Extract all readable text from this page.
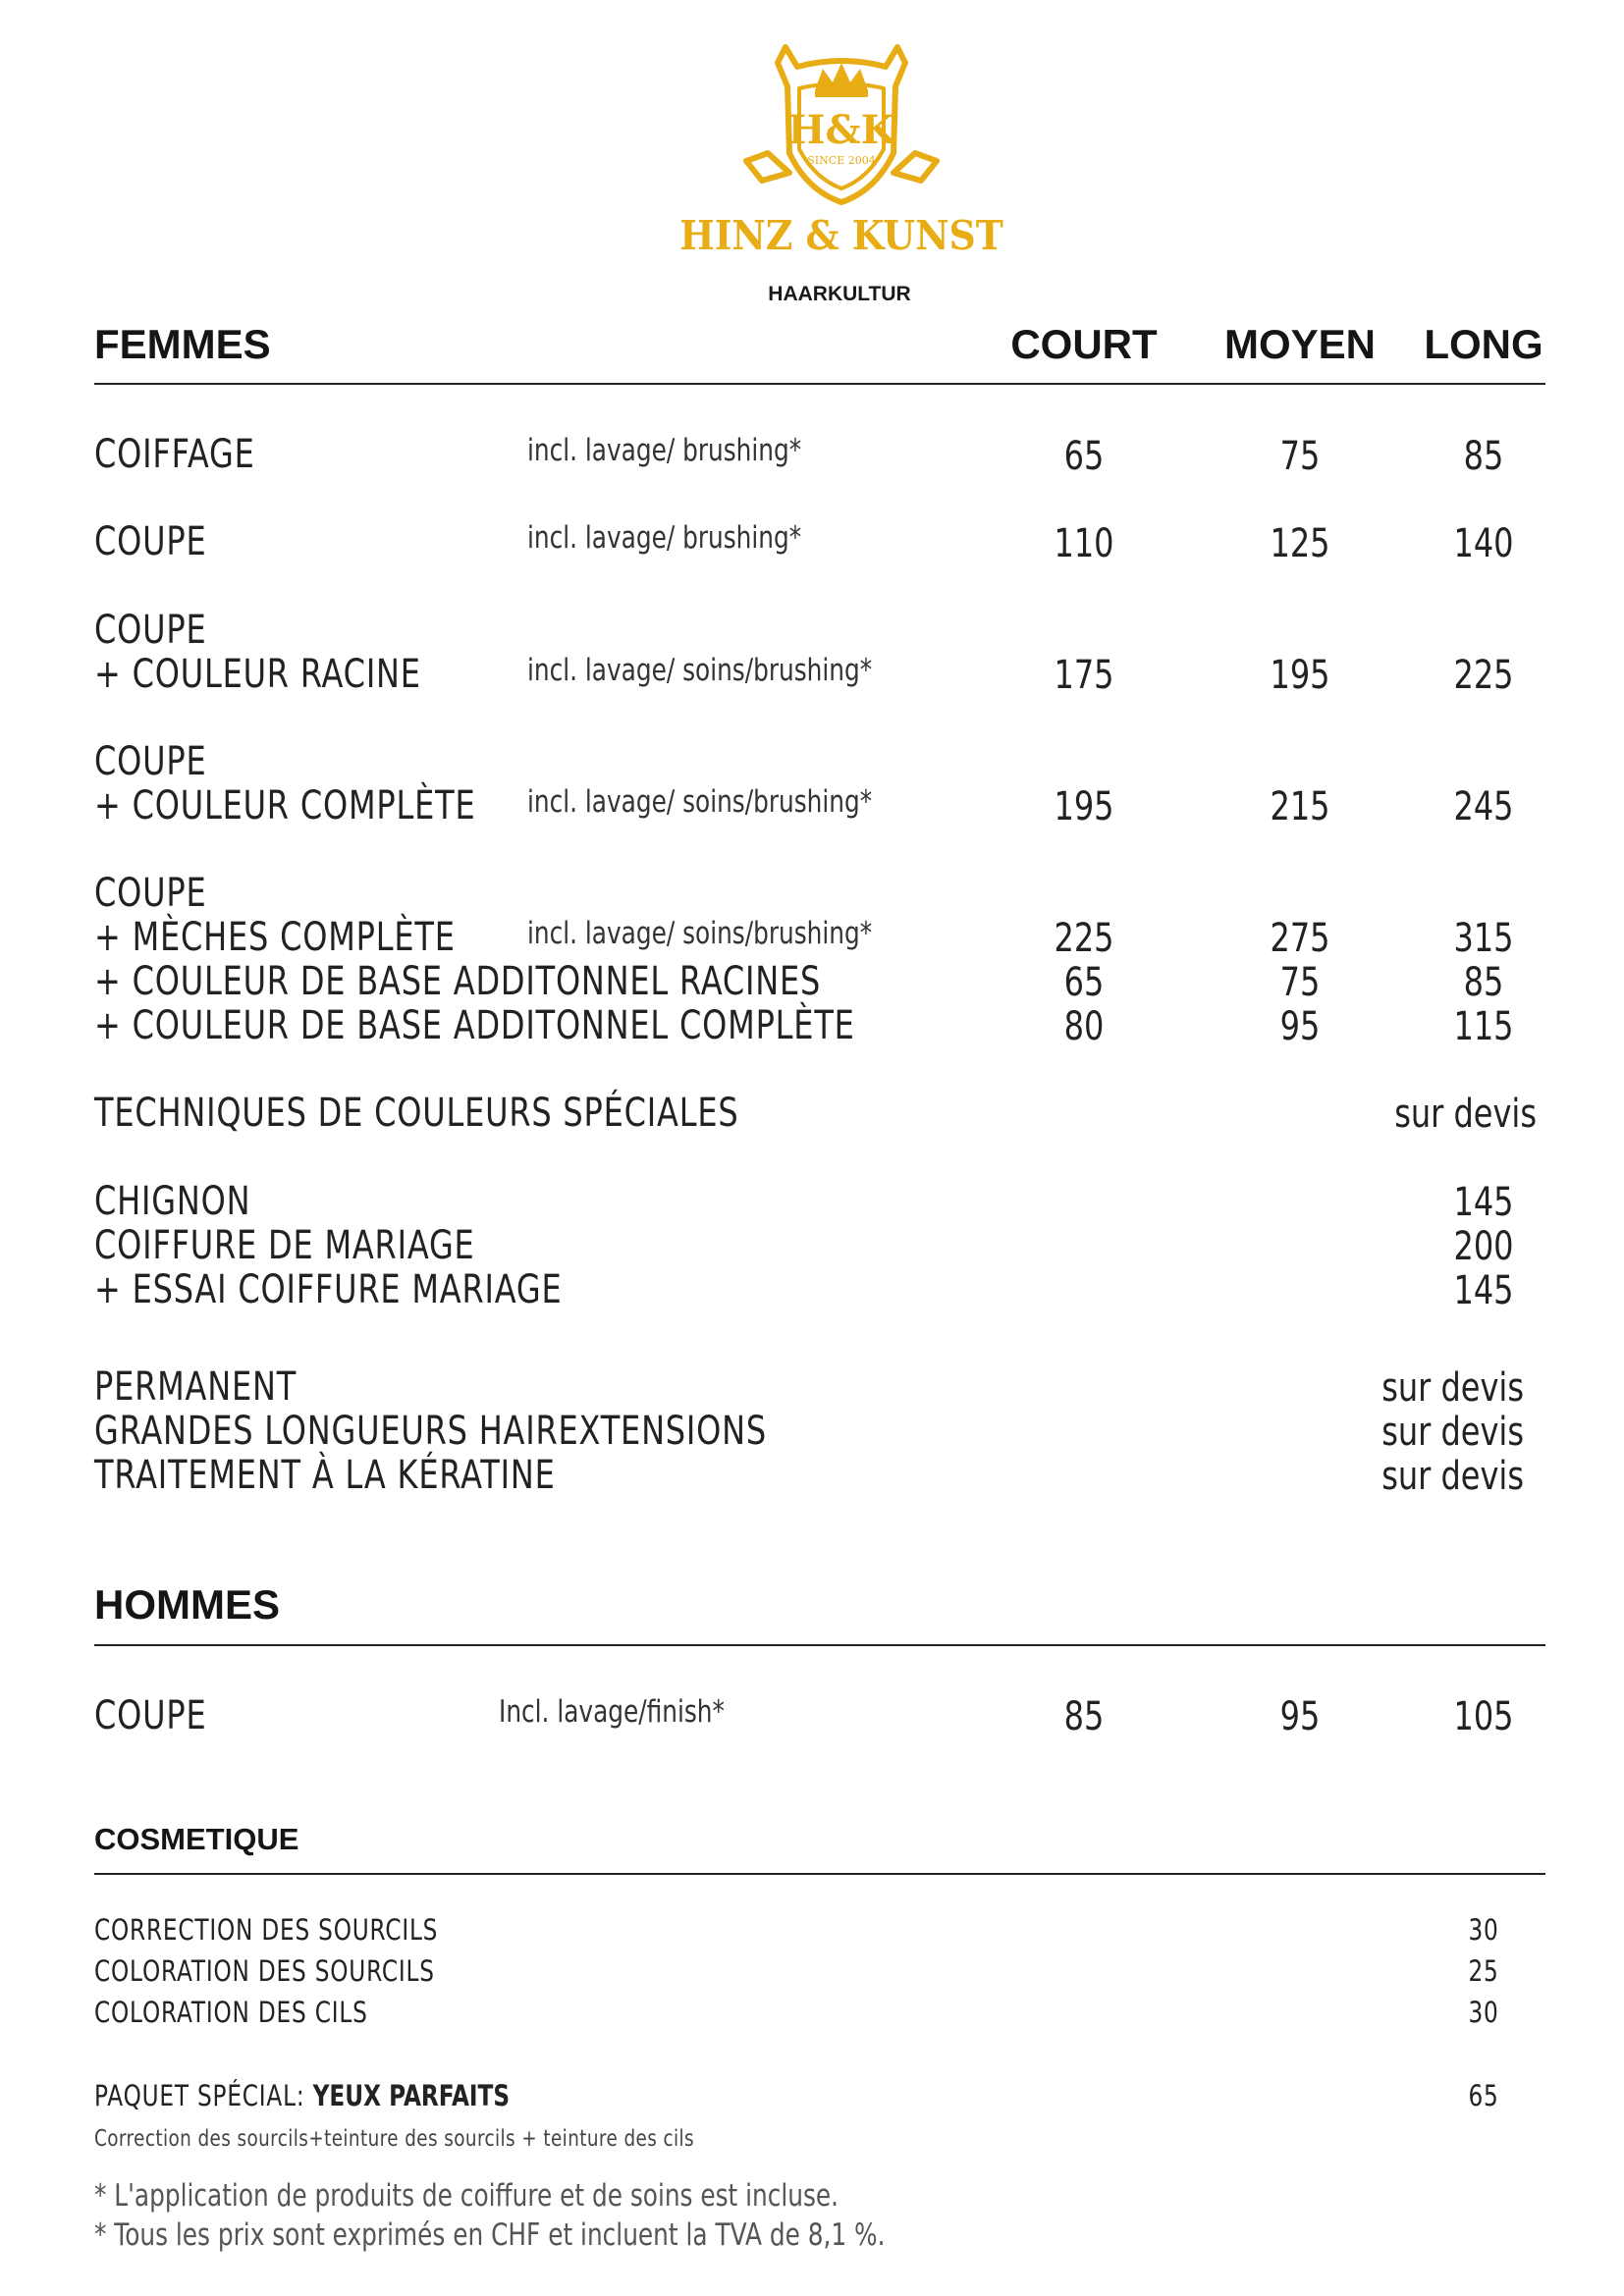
H&K
SINCE 2004
HINZ & KUNST
HAARKULTUR
FEMMES	COURT MOYEN LONG
COIFFAGE	incl. lavage/ brushing*	65	75	85
COUPE	incl. lavage/ brushing*	110	125	140
COUPE
+ COULEUR RACINE	incl. lavage/ soins/brushing*	175	195	225
COUPE
+ COULEUR COMPLÈTE incl. lavage/ soins/brushing*	195	215	245
COUPE
+ MÈCHES COMPLÈTE incl. lavage/ soins/brushing*	225	275	315
+ COULEUR DE BASE ADDITONNEL RACINES	65	75	85
+ COULEUR DE BASE ADDITONNEL COMPLÈTE	80	95	115
TECHNIQUES DE COULEURS SPÉCIALES	sur devis
CHIGNON	145
COIFFURE DE MARIAGE	200
+ ESSAI COIFFURE MARIAGE	145
PERMANENT	sur devis
GRANDES LONGUEURS HAIREXTENSIONS	sur devis
TRAITEMENT À LA KÉRATINE	sur devis
HOMMES
COUPE	Incl. lavage/finish*	85	95	105
COSMETIQUE
CORRECTION DES SOURCILS	30
COLORATION DES SOURCILS	25
COLORATION DES CILS	30
PAQUET SPÉCIAL: YEUX PARFAITS	65
Correction des sourcils+teinture des sourcils + teinture des cils
* L'application de produits de coiffure et de soins est incluse.
* Tous les prix sont exprimés en CHF et incluent la TVA de 8,1 %.
